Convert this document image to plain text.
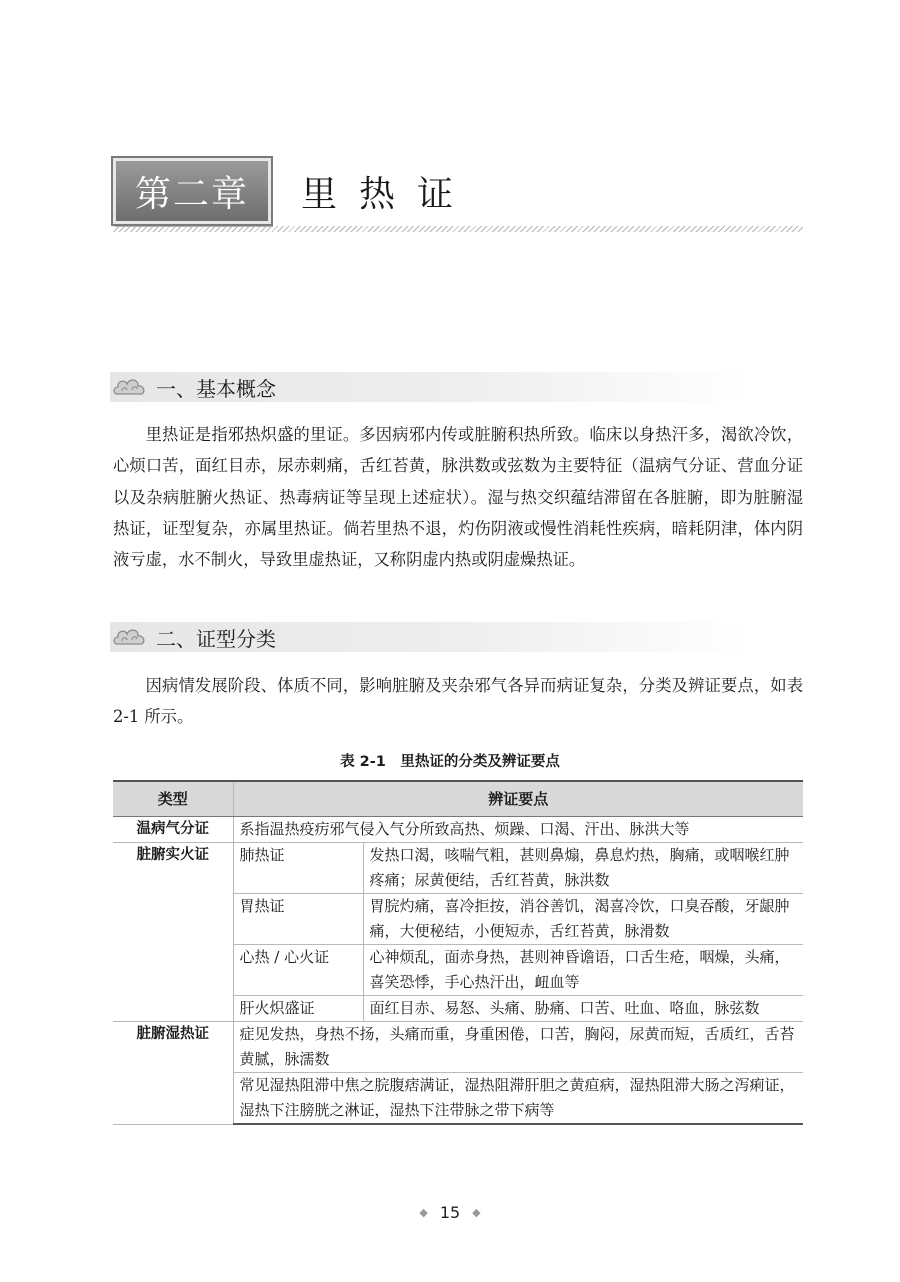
第二章	里热证
一、基本概念

里热证是指邪热炽盛的里证。多因病邪内传或脏腑积热所致。临床以身热汗多，渴欲冷饮，心烦口苦，面红目赤，尿赤刺痛，舌红苔黄，脉洪数或弦数为主要特征（温病气分证、营血分证以及杂病脏腑火热证、热毒病证等呈现上述症状）。湿与热交织蕴结滞留在各脏腑，即为脏腑湿热证，证型复杂，亦属里热证。倘若里热不退，灼伤阴液或慢性消耗性疾病，暗耗阴津，体内阴液亏虚，水不制火，导致里虚热证，又称阴虚内热或阴虚燥热证。

二、证型分类

因病情发展阶段、体质不同，影响脏腑及夹杂邪气各异而病证复杂，分类及辨证要点，如表 2-1 所示。

表 2-1　里热证的分类及辨证要点
类型	辨证要点	
温病气分证	系指温热疫疠邪气侵入气分所致高热、烦躁、口渴、汗出、脉洪大等	
脏腑实火证	肺热证	发热口渴，咳喘气粗，甚则鼻煽，鼻息灼热，胸痛，或咽喉红肿疼痛；尿黄便结，舌红苔黄，脉洪数
	胃热证	胃脘灼痛，喜冷拒按，消谷善饥，渴喜冷饮，口臭吞酸，牙龈肿痛，大便秘结，小便短赤，舌红苔黄，脉滑数
	心热 / 心火证	心神烦乱，面赤身热，甚则神昏谵语，口舌生疮，咽燥，头痛，喜笑恐悸，手心热汗出，衄血等
	肝火炽盛证	面红目赤、易怒、头痛、胁痛、口苦、吐血、咯血，脉弦数
脏腑湿热证	症见发热，身热不扬，头痛而重，身重困倦，口苦，胸闷，尿黄而短，舌质红，舌苔黄腻，脉濡数	
	常见湿热阻滞中焦之脘腹痞满证，湿热阻滞肝胆之黄疸病，湿热阻滞大肠之泻痢证，湿热下注膀胱之淋证，湿热下注带脉之带下病等	
◆ 15 ◆
